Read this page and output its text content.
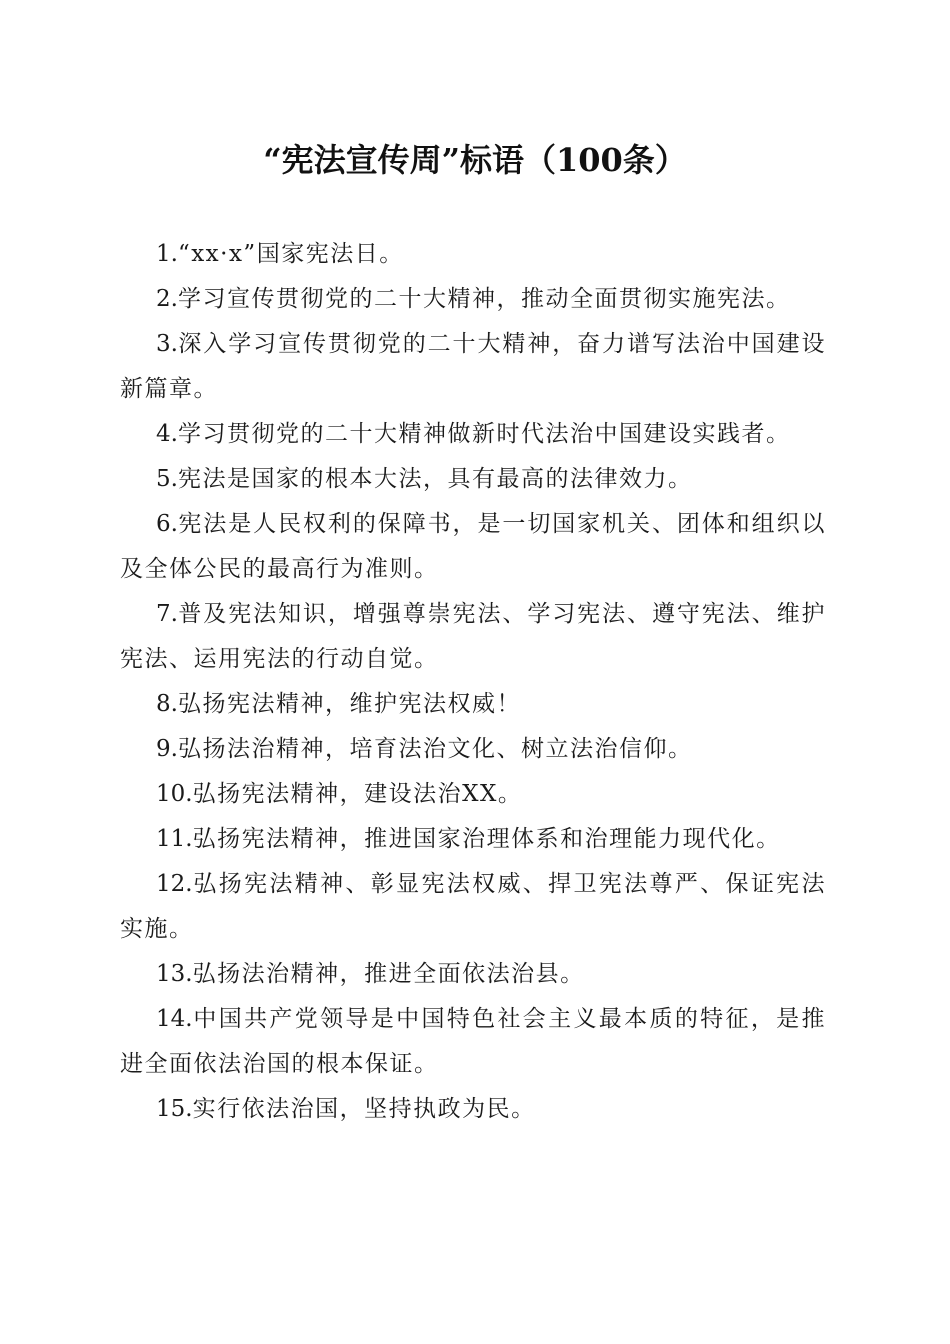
“宪法宣传周”标语（100条）

1.“xx·x”国家宪法日。

2.学习宣传贯彻党的二十大精神，推动全面贯彻实施宪法。

3.深入学习宣传贯彻党的二十大精神，奋力谱写法治中国建设新篇章。

4.学习贯彻党的二十大精神做新时代法治中国建设实践者。

5.宪法是国家的根本大法，具有最高的法律效力。

6.宪法是人民权利的保障书，是一切国家机关、团体和组织以及全体公民的最高行为准则。

7.普及宪法知识，增强尊崇宪法、学习宪法、遵守宪法、维护宪法、运用宪法的行动自觉。

8.弘扬宪法精神，维护宪法权威！

9.弘扬法治精神，培育法治文化、树立法治信仰。

10.弘扬宪法精神，建设法治XX。

11.弘扬宪法精神，推进国家治理体系和治理能力现代化。

12.弘扬宪法精神、彰显宪法权威、捍卫宪法尊严、保证宪法实施。

13.弘扬法治精神，推进全面依法治县。

14.中国共产党领导是中国特色社会主义最本质的特征，是推进全面依法治国的根本保证。

15.实行依法治国，坚持执政为民。
